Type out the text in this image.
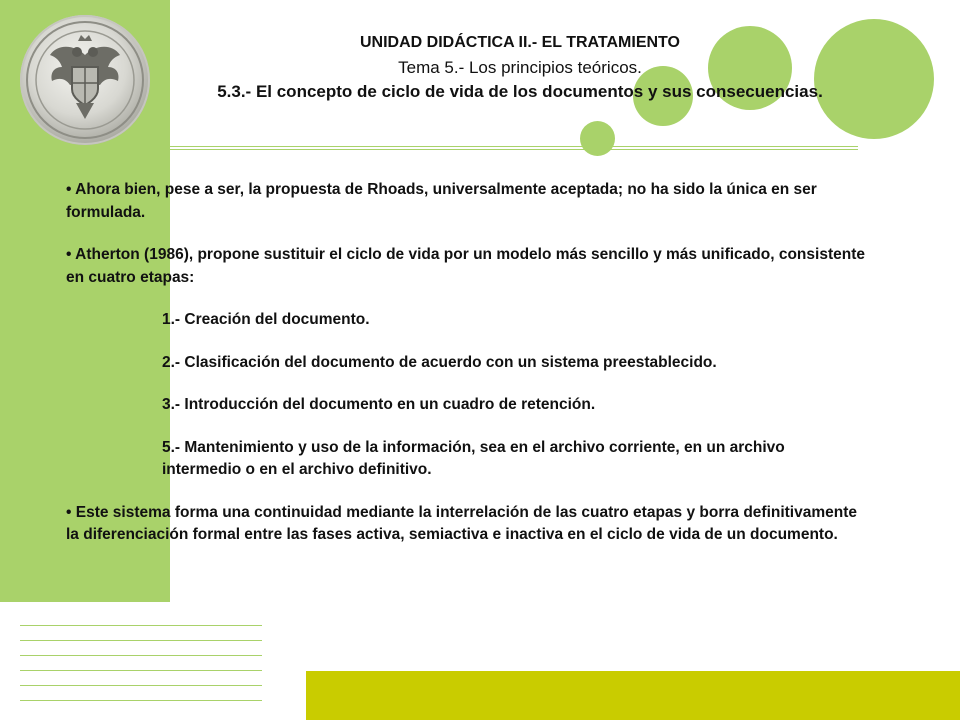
UNIDAD DIDÁCTICA II.- EL TRATAMIENTO
Tema 5.- Los principios teóricos.
5.3.- El concepto de ciclo de vida de los documentos y sus consecuencias.

• Ahora bien, pese a ser, la propuesta de Rhoads, universalmente aceptada; no ha sido la única en ser formulada.

• Atherton (1986), propone sustituir el ciclo de vida por un modelo más sencillo y más unificado, consistente en cuatro etapas:

1.- Creación del documento.

2.- Clasificación del documento de acuerdo con un sistema preestablecido.

3.- Introducción del documento en un cuadro de retención.

5.- Mantenimiento y uso de la información, sea en el archivo corriente, en un archivo intermedio o en el archivo definitivo.

• Este sistema forma una continuidad mediante la interrelación de las cuatro etapas y borra definitivamente la diferenciación formal entre las fases activa, semiactiva e inactiva en el ciclo de vida de un documento.
